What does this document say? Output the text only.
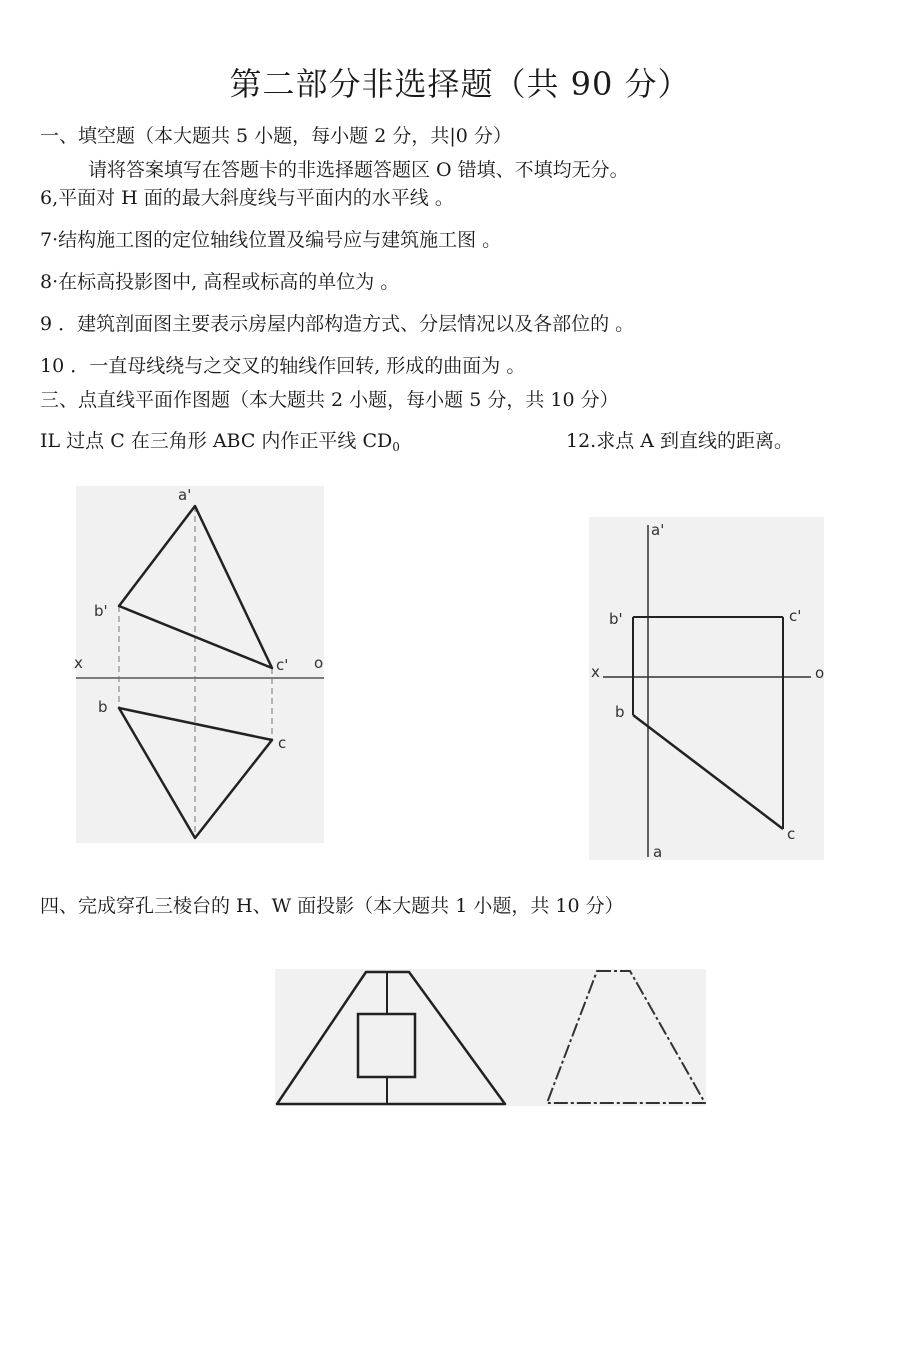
第二部分非选择题（共 90 分）
一、填空题（本大题共 5 小题，每小题 2 分，共|0 分）
请将答案填写在答题卡的非选择题答题区 O 错填、不填均无分。
6,平面对 H 面的最大斜度线与平面内的水平线 。
7·结构施工图的定位轴线位置及编号应与建筑施工图 。
8·在标高投影图中, 高程或标高的单位为 。
9 ．建筑剖面图主要表示房屋内部构造方式、分层情况以及各部位的 。
10 ．一直母线绕与之交叉的轴线作回转, 形成的曲面为 。
三、点直线平面作图题（本大题共 2 小题，每小题 5 分，共 10 分）
IL 过点 C 在三角形 ABC 内作正平线 $CD_0$	12.求点 A 到直线的距离。
a'
b'
c'
b
c
x	o
a'
b'	c'
b
c
a
x	o
四、完成穿孔三棱台的 H、W 面投影（本大题共 1 小题，共 10 分）
